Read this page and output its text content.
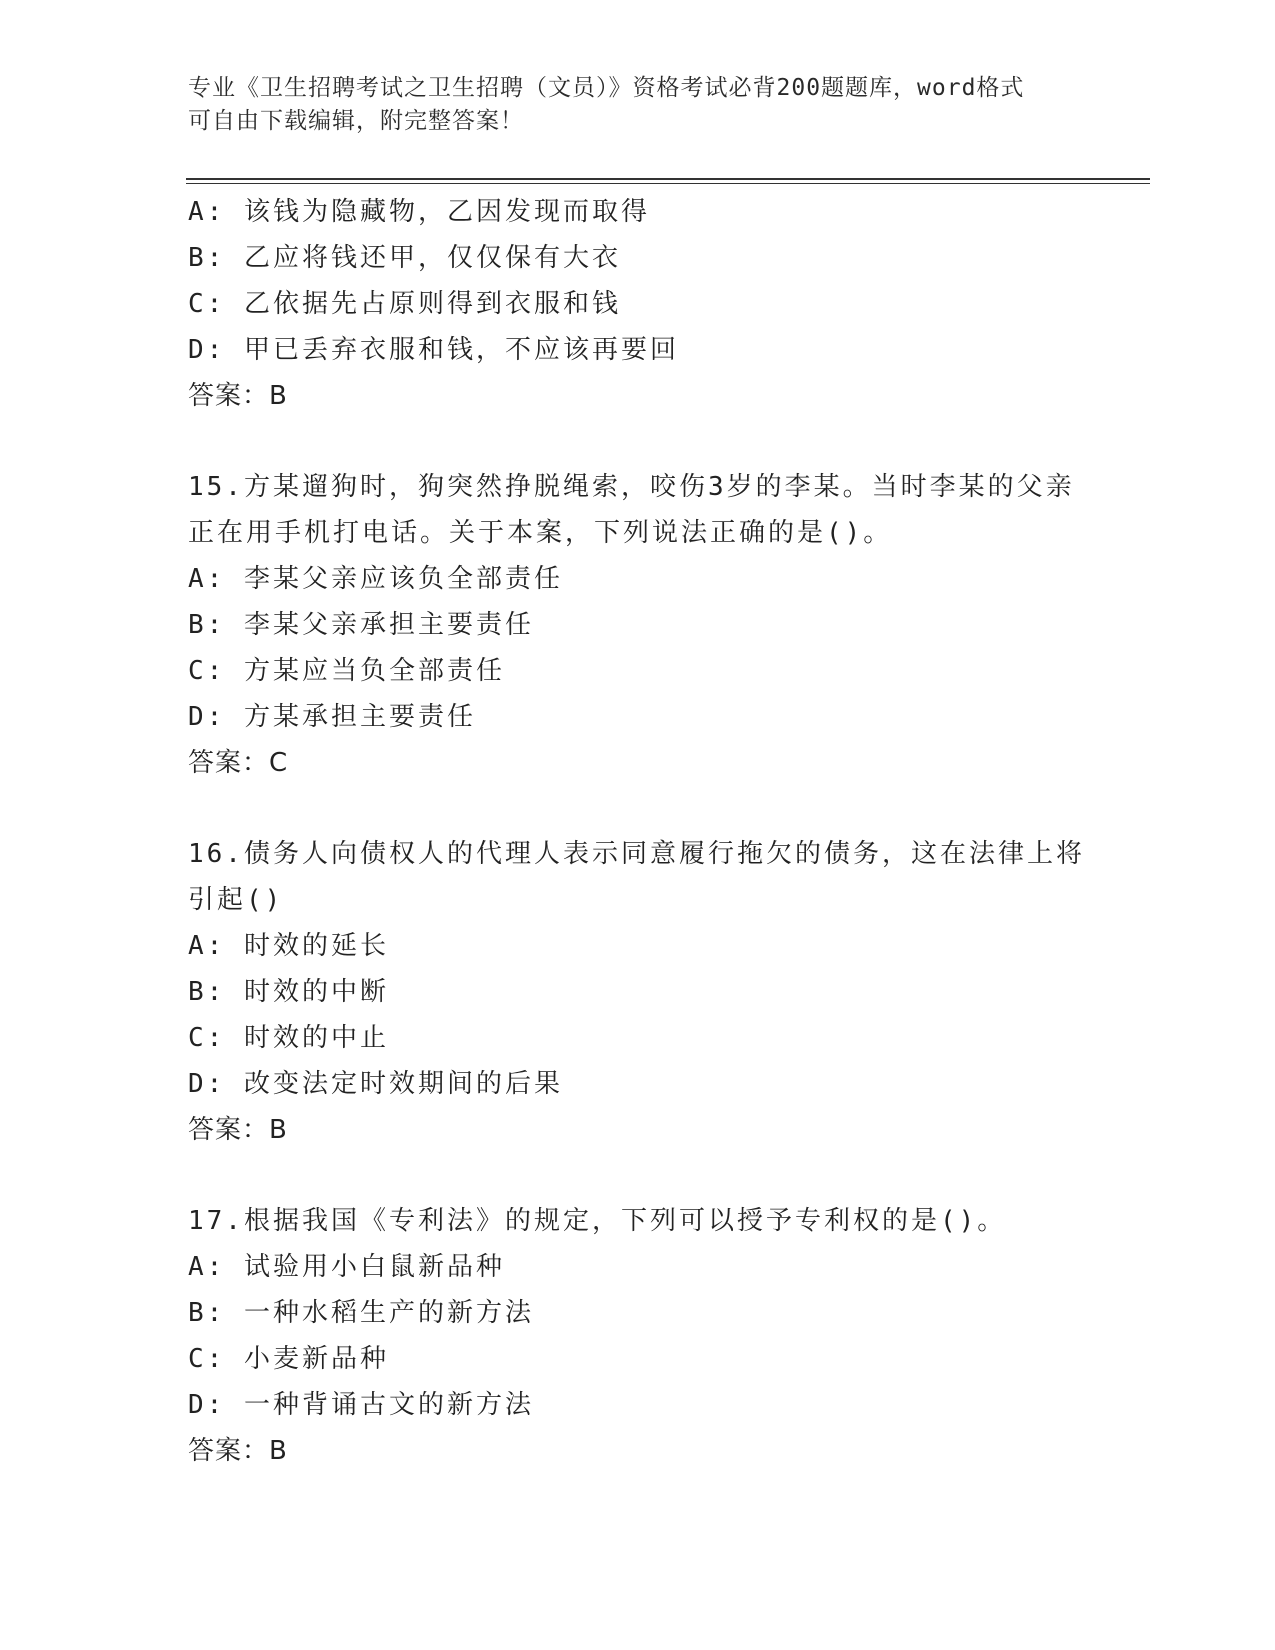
专业《卫生招聘考试之卫生招聘（文员）》资格考试必背200题题库，word格式
可自由下载编辑，附完整答案！
A: 该钱为隐藏物，乙因发现而取得
B: 乙应将钱还甲，仅仅保有大衣
C: 乙依据先占原则得到衣服和钱
D: 甲已丢弃衣服和钱，不应该再要回
答案：B
15.方某遛狗时，狗突然挣脱绳索，咬伤3岁的李某。当时李某的父亲
正在用手机打电话。关于本案，下列说法正确的是()。
A: 李某父亲应该负全部责任
B: 李某父亲承担主要责任
C: 方某应当负全部责任
D: 方某承担主要责任
答案：C
16.债务人向债权人的代理人表示同意履行拖欠的债务，这在法律上将
引起()
A: 时效的延长
B: 时效的中断
C: 时效的中止
D: 改变法定时效期间的后果
答案：B
17.根据我国《专利法》的规定，下列可以授予专利权的是()。
A: 试验用小白鼠新品种
B: 一种水稻生产的新方法
C: 小麦新品种
D: 一种背诵古文的新方法
答案：B
